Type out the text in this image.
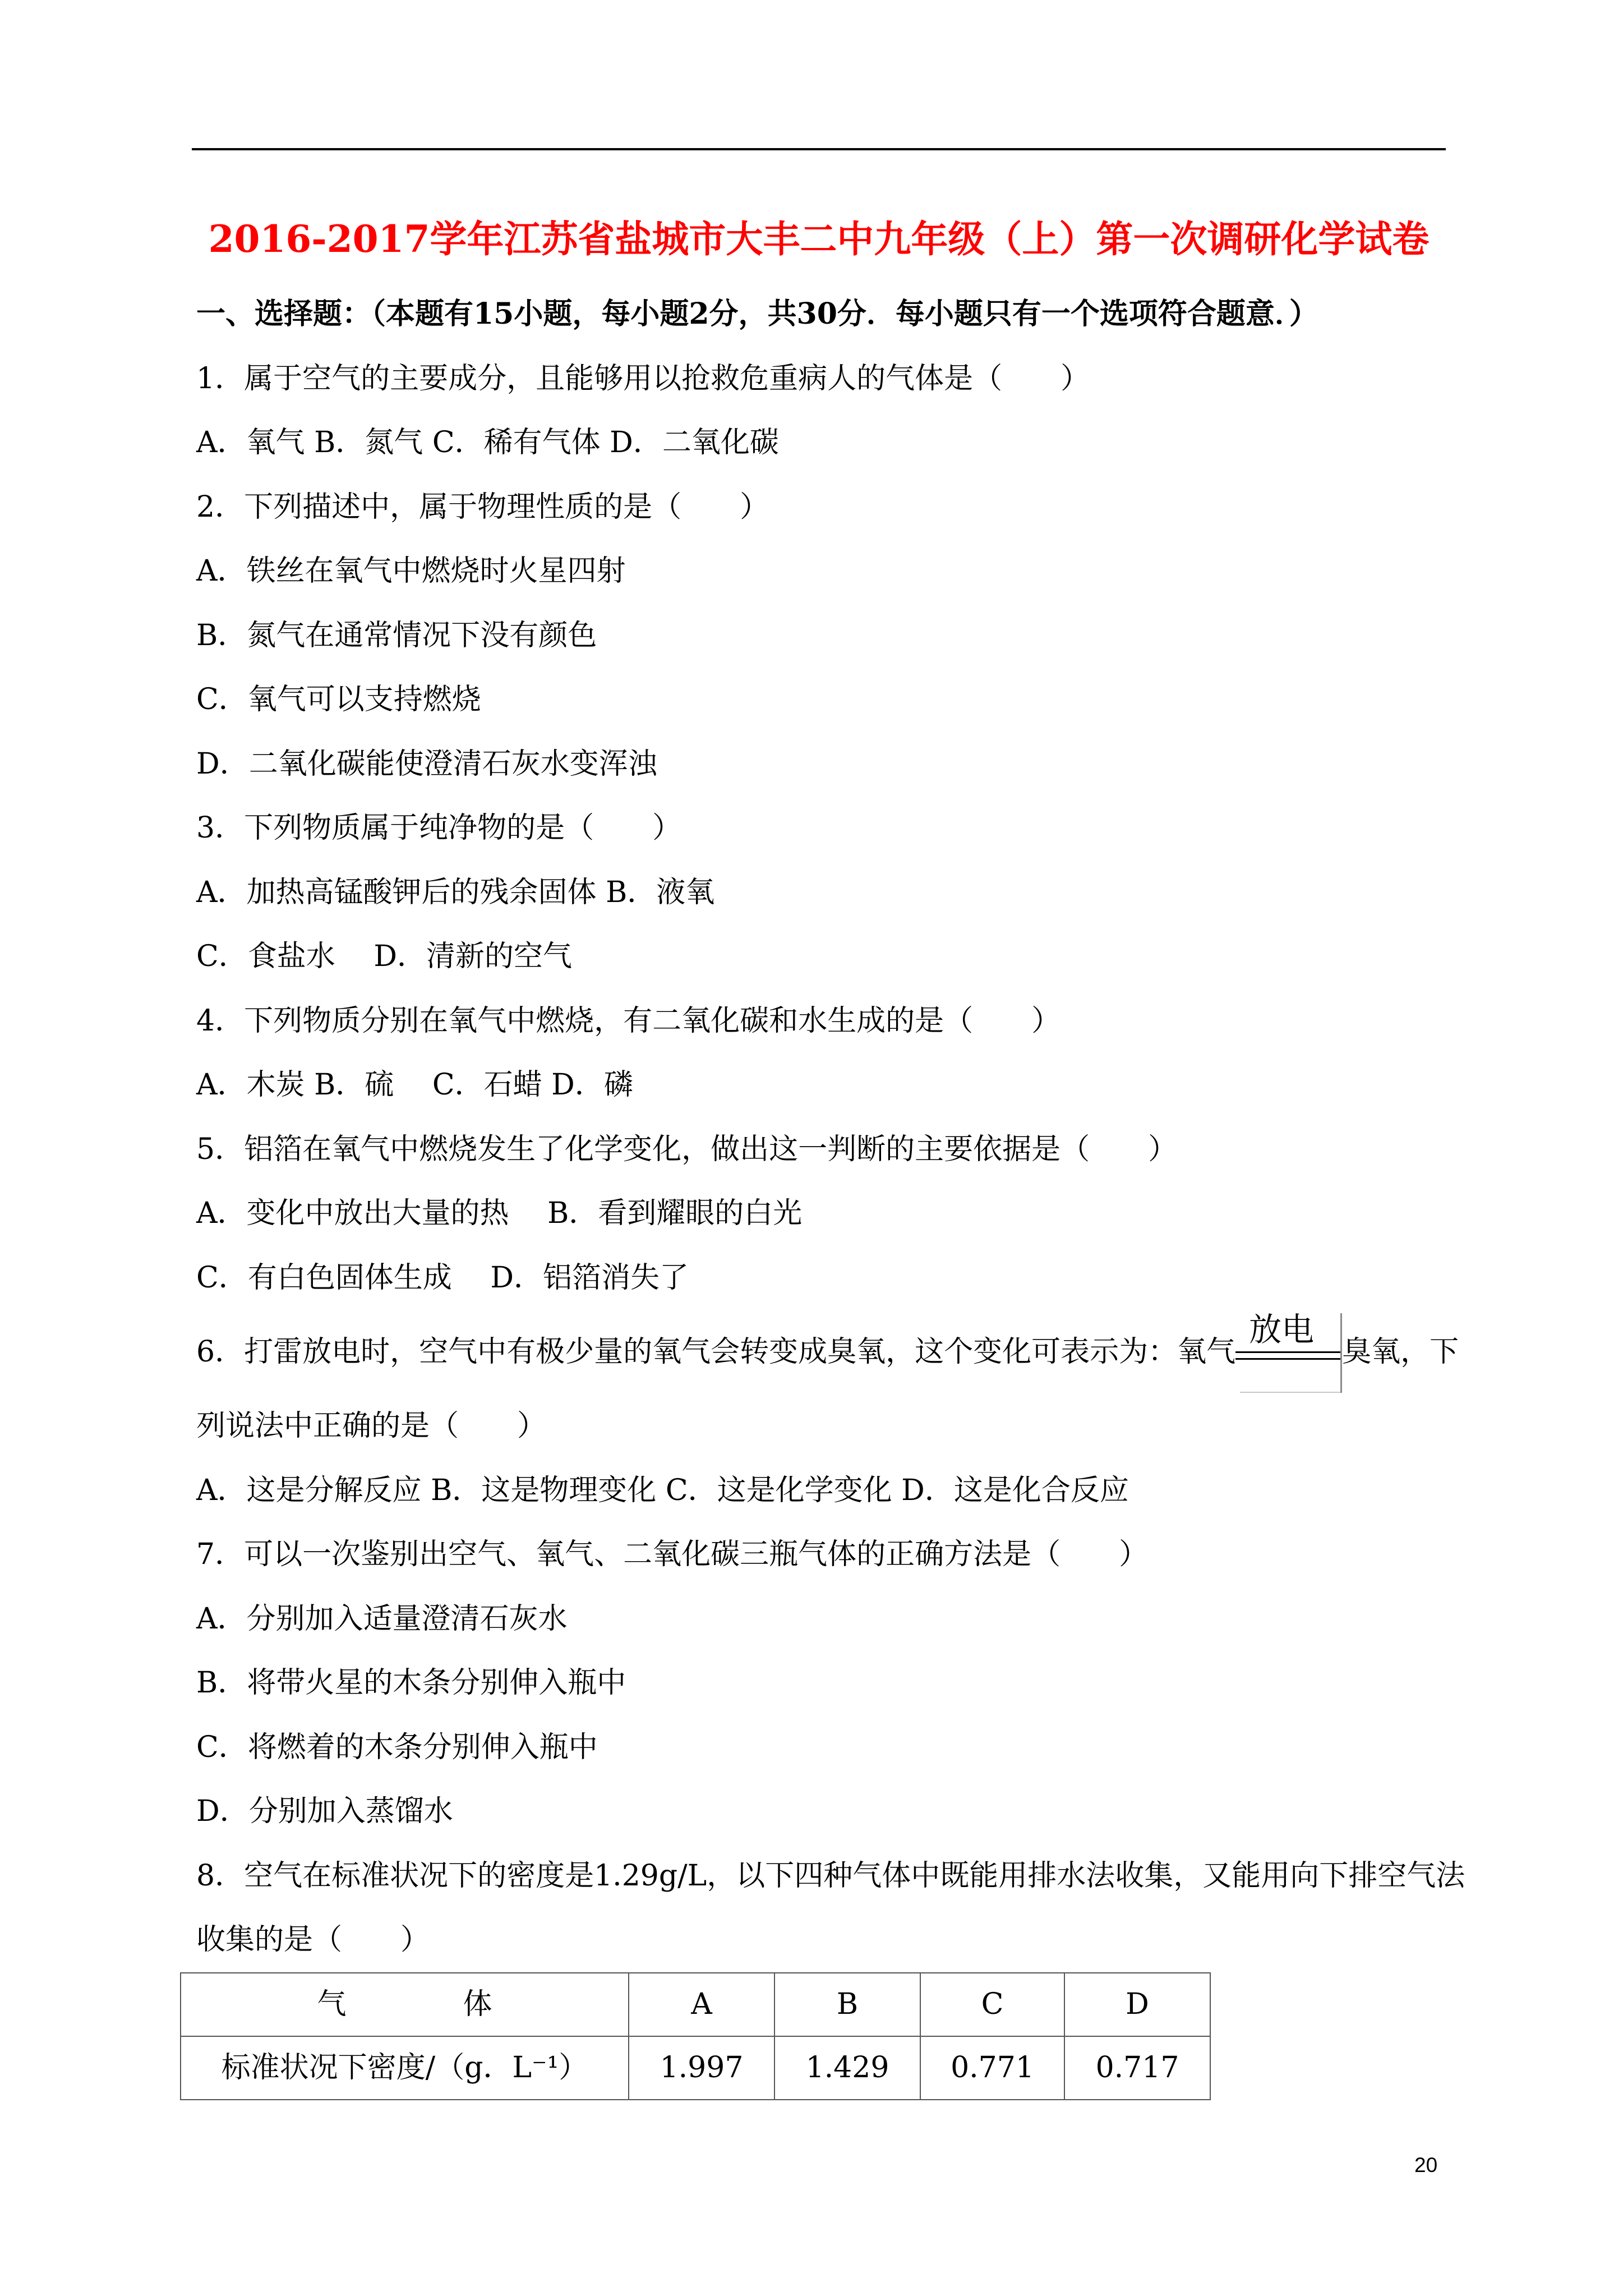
2016-2017学年江苏省盐城市大丰二中九年级（上）第一次调研化学试卷
一、选择题：（本题有15小题，每小题2分，共30分．每小题只有一个选项符合题意．）
1．属于空气的主要成分，且能够用以抢救危重病人的气体是（　　）
A．氧气 B．氮气 C．稀有气体 D．二氧化碳
2．下列描述中，属于物理性质的是（　　）
A．铁丝在氧气中燃烧时火星四射
B．氮气在通常情况下没有颜色
C．氧气可以支持燃烧
D．二氧化碳能使澄清石灰水变浑浊
3．下列物质属于纯净物的是（　　）
A．加热高锰酸钾后的残余固体 B．液氧
C．食盐水　 D．清新的空气
4．下列物质分别在氧气中燃烧，有二氧化碳和水生成的是（　　）
A．木炭 B．硫　 C．石蜡 D．磷
5．铝箔在氧气中燃烧发生了化学变化，做出这一判断的主要依据是（　　）
A．变化中放出大量的热　 B．看到耀眼的白光
C．有白色固体生成　 D．铝箔消失了
6．打雷放电时，空气中有极少量的氧气会转变成臭氧，这个变化可表示为：氧气
放电
臭氧，下
列说法中正确的是（　　）
A．这是分解反应 B．这是物理变化 C．这是化学变化 D．这是化合反应
7．可以一次鉴别出空气、氧气、二氧化碳三瓶气体的正确方法是（　　）
A．分别加入适量澄清石灰水
B．将带火星的木条分别伸入瓶中
C．将燃着的木条分别伸入瓶中
D．分别加入蒸馏水
8．空气在标准状况下的密度是1.29g/L，以下四种气体中既能用排水法收集，又能用向下排空气法
收集的是（　　）
气　　　　体	A	B	C	D
标准状况下密度/（g．L⁻¹）	1.997	1.429	0.771	0.717
20
